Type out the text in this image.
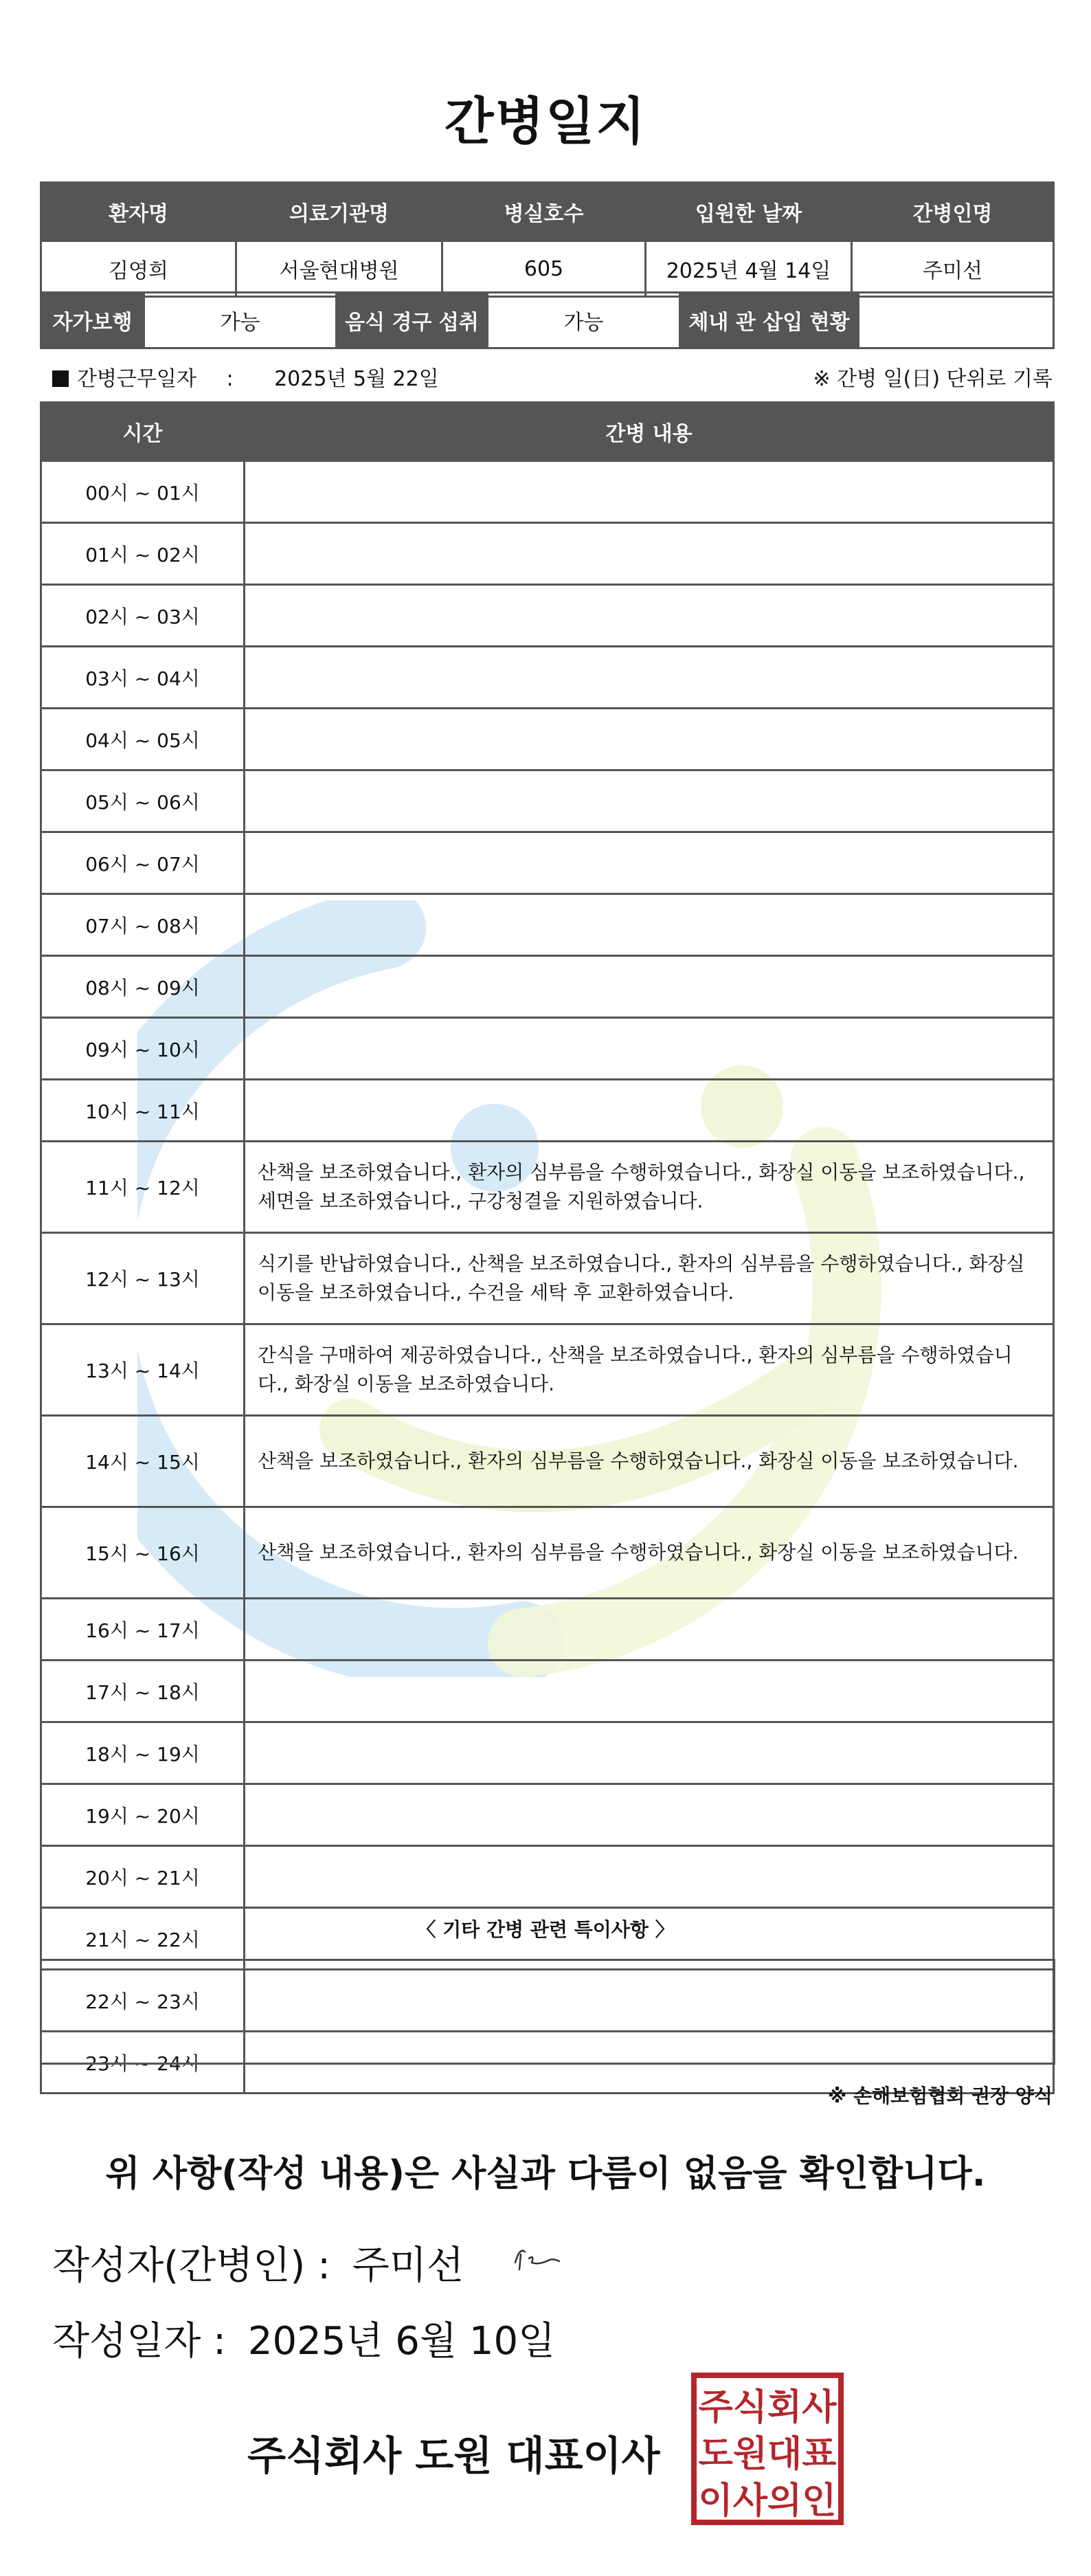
간병일지
환자명	의료기관명	병실호수	입원한 날짜	간병인명
김영희	서울현대병원	605	2025년 4월 14일	주미선
자가보행	가능	음식 경구 섭취	가능	체내 관 삽입 현황	
간병근무일자 : 2025년 5월 22일	※ 간병 일(日) 단위로 기록
시간	간병 내용
00시 ~ 01시	
01시 ~ 02시	
02시 ~ 03시	
03시 ~ 04시	
04시 ~ 05시	
05시 ~ 06시	
06시 ~ 07시	
07시 ~ 08시	
08시 ~ 09시	
09시 ~ 10시	
10시 ~ 11시	
11시 ~ 12시	산책을 보조하였습니다., 환자의 심부름을 수행하였습니다., 화장실 이동을 보조하였습니다., 세면을 보조하였습니다., 구강청결을 지원하였습니다.
12시 ~ 13시	식기를 반납하였습니다., 산책을 보조하였습니다., 환자의 심부름을 수행하였습니다., 화장실 이동을 보조하였습니다., 수건을 세탁 후 교환하였습니다.
13시 ~ 14시	간식을 구매하여 제공하였습니다., 산책을 보조하였습니다., 환자의 심부름을 수행하였습니다., 화장실 이동을 보조하였습니다.
14시 ~ 15시	산책을 보조하였습니다., 환자의 심부름을 수행하였습니다., 화장실 이동을 보조하였습니다.
15시 ~ 16시	산책을 보조하였습니다., 환자의 심부름을 수행하였습니다., 화장실 이동을 보조하였습니다.
16시 ~ 17시	
17시 ~ 18시	
18시 ~ 19시	
19시 ~ 20시	
20시 ~ 21시	
21시 ~ 22시	
22시 ~ 23시	
23시 ~ 24시	
〈 기타 간병 관련 특이사항 〉
※ 손해보험협회 권장 양식
위 사항(작성 내용)은 사실과 다름이 없음을 확인합니다.
작성자(간병인) : 주미선
작성일자 : 2025년 6월 10일
주식회사 도원 대표이사
주식회사
도원대표
이사의인
